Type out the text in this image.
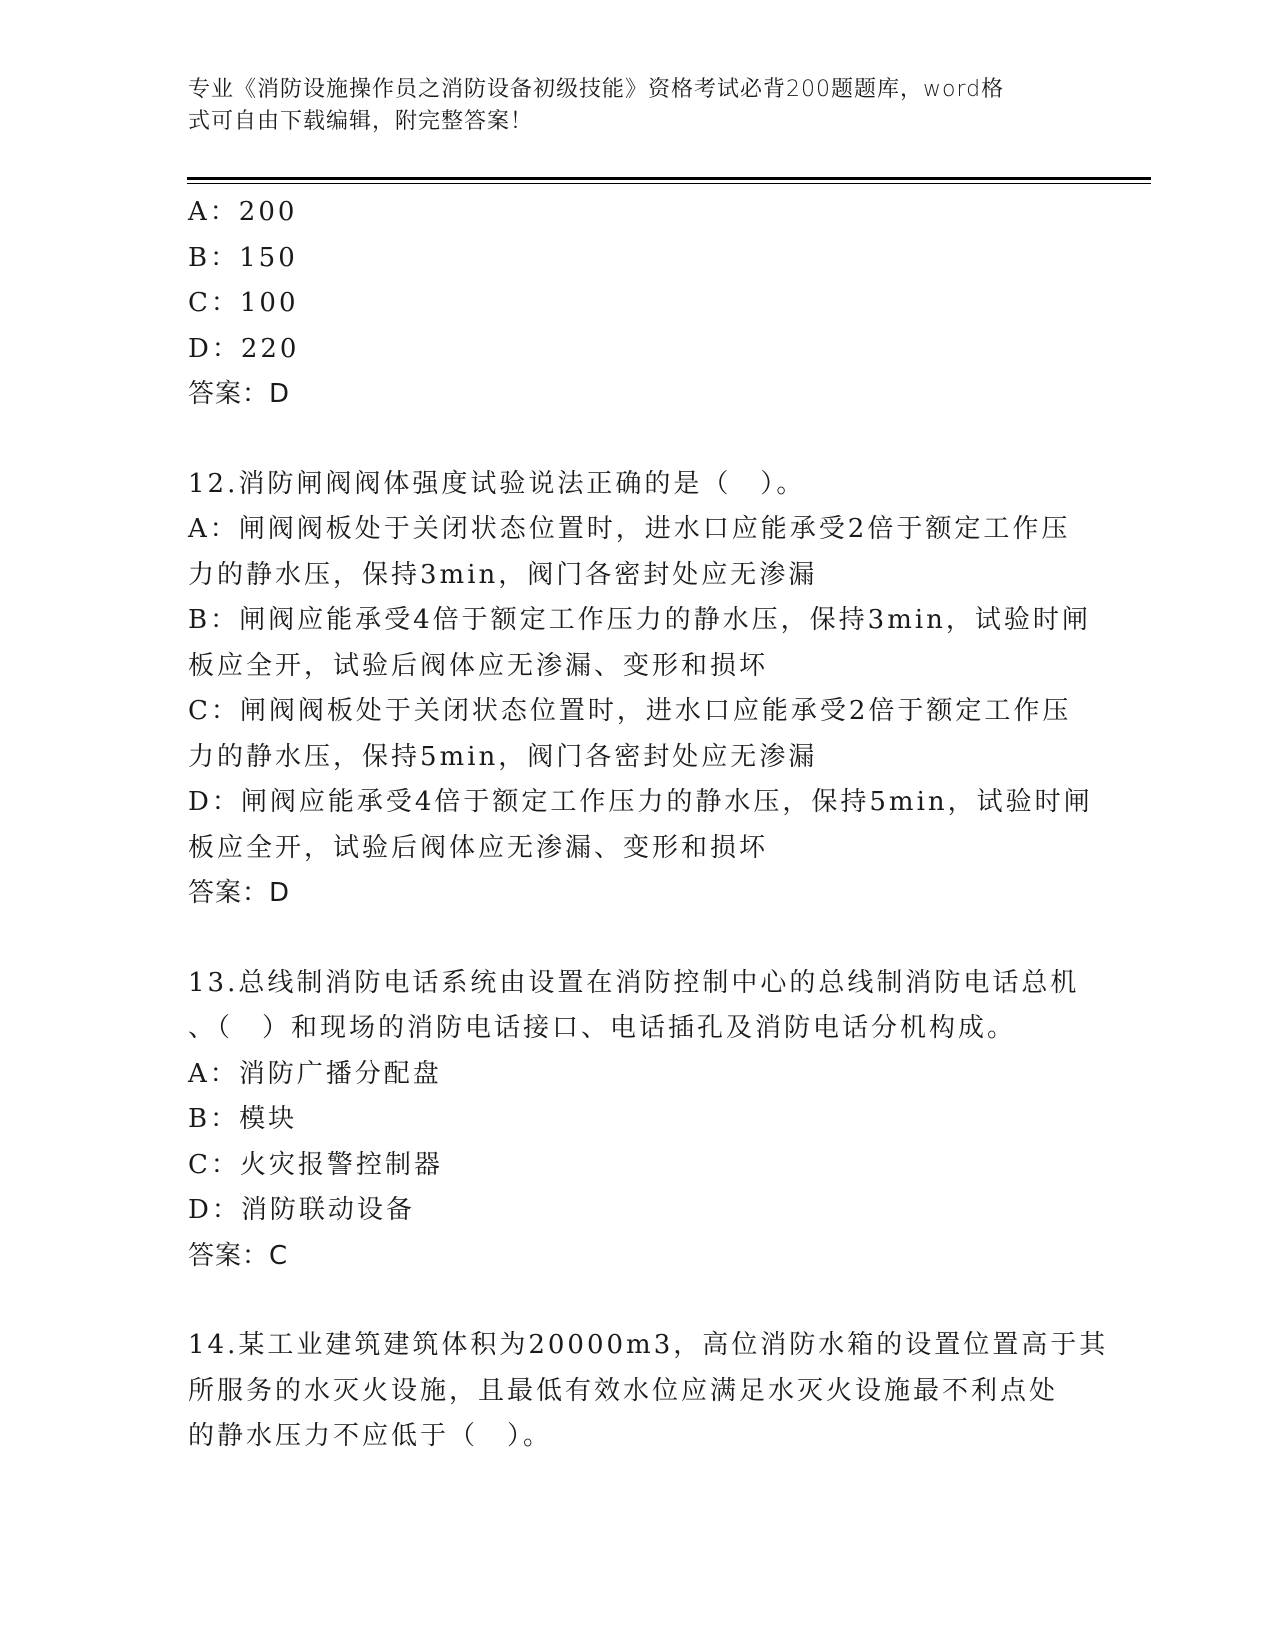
专业《消防设施操作员之消防设备初级技能》资格考试必背200题题库，word格
式可自由下载编辑，附完整答案！
A：200
B：150
C：100
D：220
答案：D
12.消防闸阀阀体强度试验说法正确的是（　）。
A：闸阀阀板处于关闭状态位置时，进水口应能承受2倍于额定工作压
力的静水压，保持3min，阀门各密封处应无渗漏
B：闸阀应能承受4倍于额定工作压力的静水压，保持3min，试验时闸
板应全开，试验后阀体应无渗漏、变形和损坏
C：闸阀阀板处于关闭状态位置时，进水口应能承受2倍于额定工作压
力的静水压，保持5min，阀门各密封处应无渗漏
D：闸阀应能承受4倍于额定工作压力的静水压，保持5min，试验时闸
板应全开，试验后阀体应无渗漏、变形和损坏
答案：D
13.总线制消防电话系统由设置在消防控制中心的总线制消防电话总机
、（　）和现场的消防电话接口、电话插孔及消防电话分机构成。
A：消防广播分配盘
B：模块
C：火灾报警控制器
D：消防联动设备
答案：C
14.某工业建筑建筑体积为20000m3，高位消防水箱的设置位置高于其
所服务的水灭火设施，且最低有效水位应满足水灭火设施最不利点处
的静水压力不应低于（　）。
